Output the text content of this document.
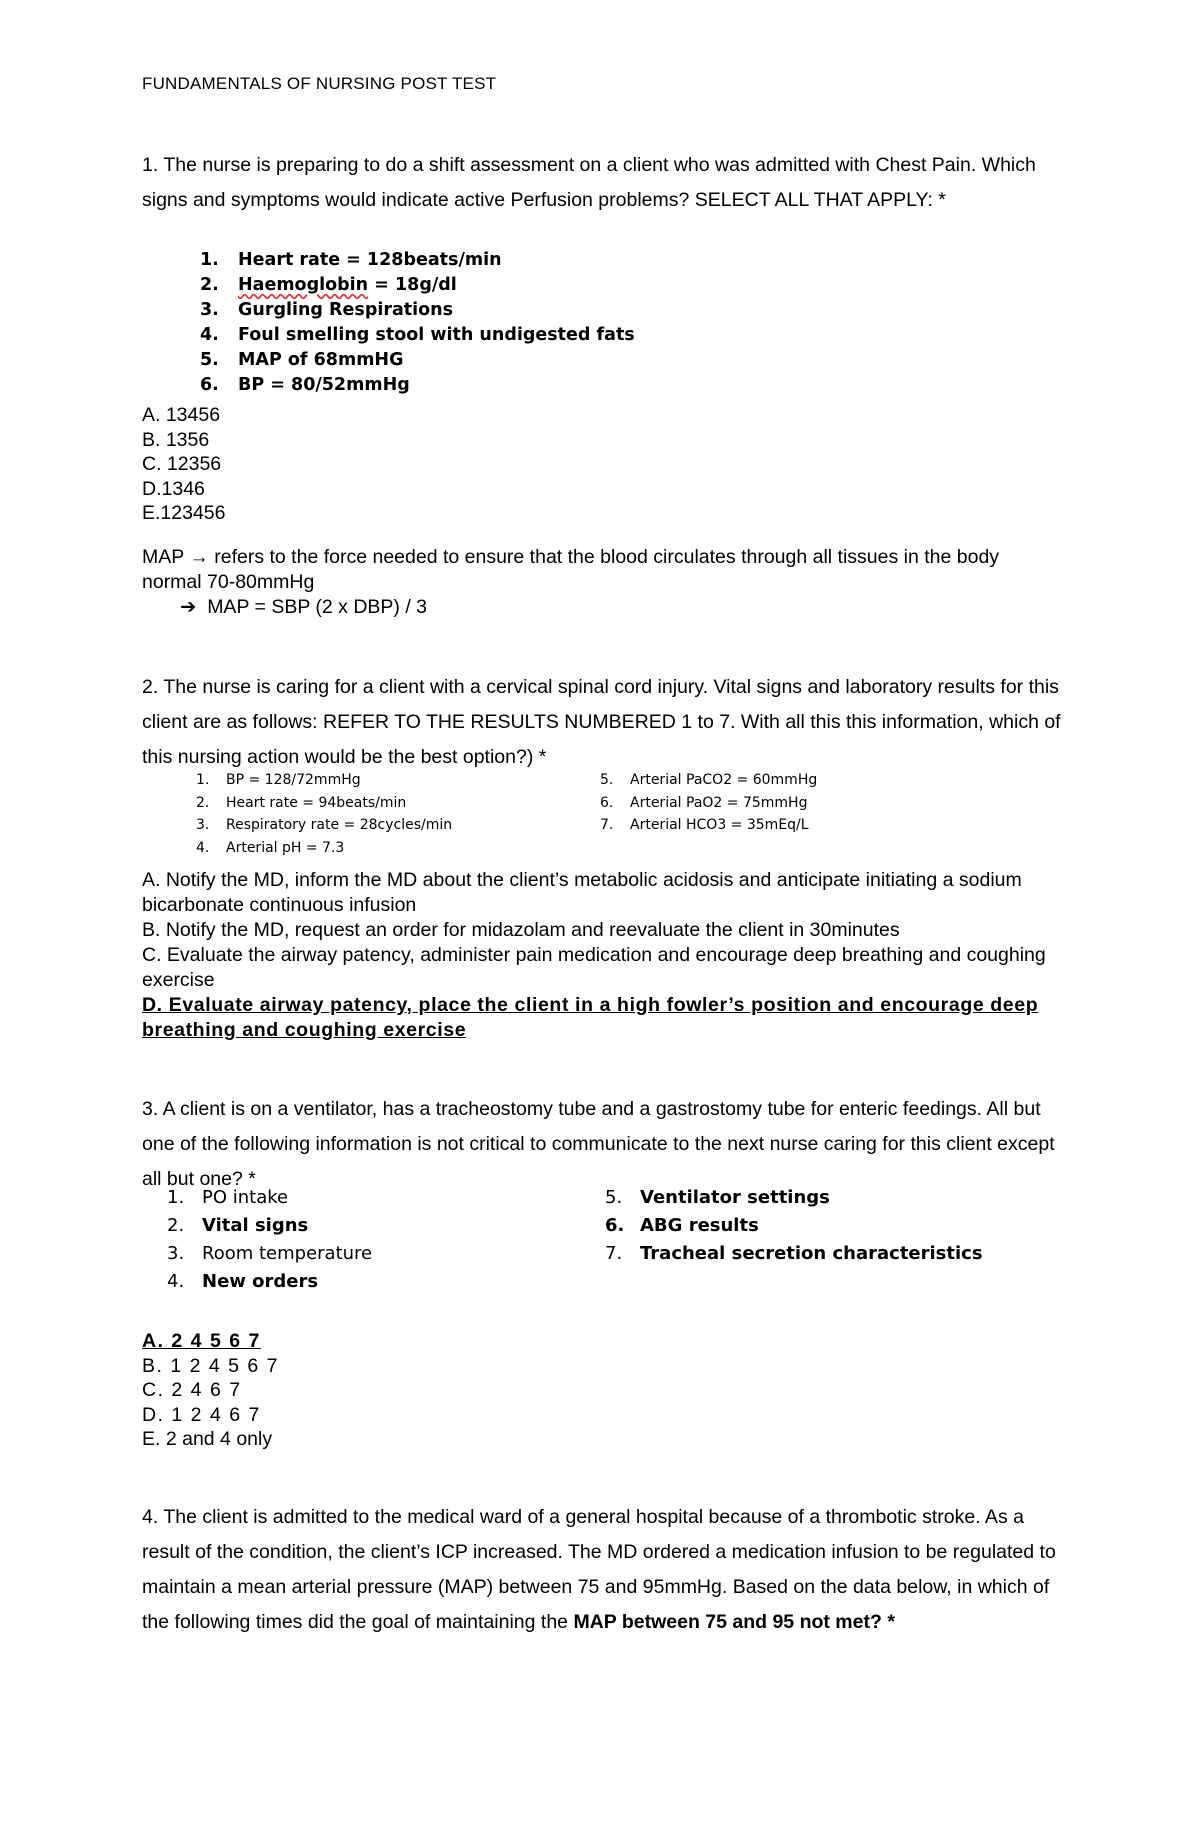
FUNDAMENTALS OF NURSING POST TEST
1. The nurse is preparing to do a shift assessment on a client who was admitted with Chest Pain. Which signs and symptoms would indicate active Perfusion problems? SELECT ALL THAT APPLY: *
1. Heart rate = 128beats/min
2. Haemoglobin = 18g/dl
3. Gurgling Respirations
4. Foul smelling stool with undigested fats
5. MAP of 68mmHG
6. BP = 80/52mmHg
A. 13456
B. 1356
C. 12356
D.1346
E.123456
MAP → refers to the force needed to ensure that the blood circulates through all tissues in the body normal 70-80mmHg
➔ MAP = SBP (2 x DBP) / 3
2. The nurse is caring for a client with a cervical spinal cord injury. Vital signs and laboratory results for this client are as follows: REFER TO THE RESULTS NUMBERED 1 to 7. With all this this information, which of this nursing action would be the best option?) *
1. BP = 128/72mmHg
2. Heart rate = 94beats/min
3. Respiratory rate = 28cycles/min
4. Arterial pH = 7.3
5. Arterial PaCO2 = 60mmHg
6. Arterial PaO2 = 75mmHg
7. Arterial HCO3 = 35mEq/L
A. Notify the MD, inform the MD about the client’s metabolic acidosis and anticipate initiating a sodium bicarbonate continuous infusion
B. Notify the MD, request an order for midazolam and reevaluate the client in 30minutes
C. Evaluate the airway patency, administer pain medication and encourage deep breathing and coughing exercise
D. Evaluate airway patency, place the client in a high fowler’s position and encourage deep breathing and coughing exercise
3. A client is on a ventilator, has a tracheostomy tube and a gastrostomy tube for enteric feedings. All but one of the following information is not critical to communicate to the next nurse caring for this client except all but one? *
1. PO intake
2. Vital signs
3. Room temperature
4. New orders
5. Ventilator settings
6. ABG results
7. Tracheal secretion characteristics
A. 2 4 5 6 7
B. 1 2 4 5 6 7
C. 2 4 6 7
D. 1 2 4 6 7
E. 2 and 4 only
4. The client is admitted to the medical ward of a general hospital because of a thrombotic stroke. As a result of the condition, the client’s ICP increased. The MD ordered a medication infusion to be regulated to maintain a mean arterial pressure (MAP) between 75 and 95mmHg. Based on the data below, in which of the following times did the goal of maintaining the MAP between 75 and 95 not met? *
